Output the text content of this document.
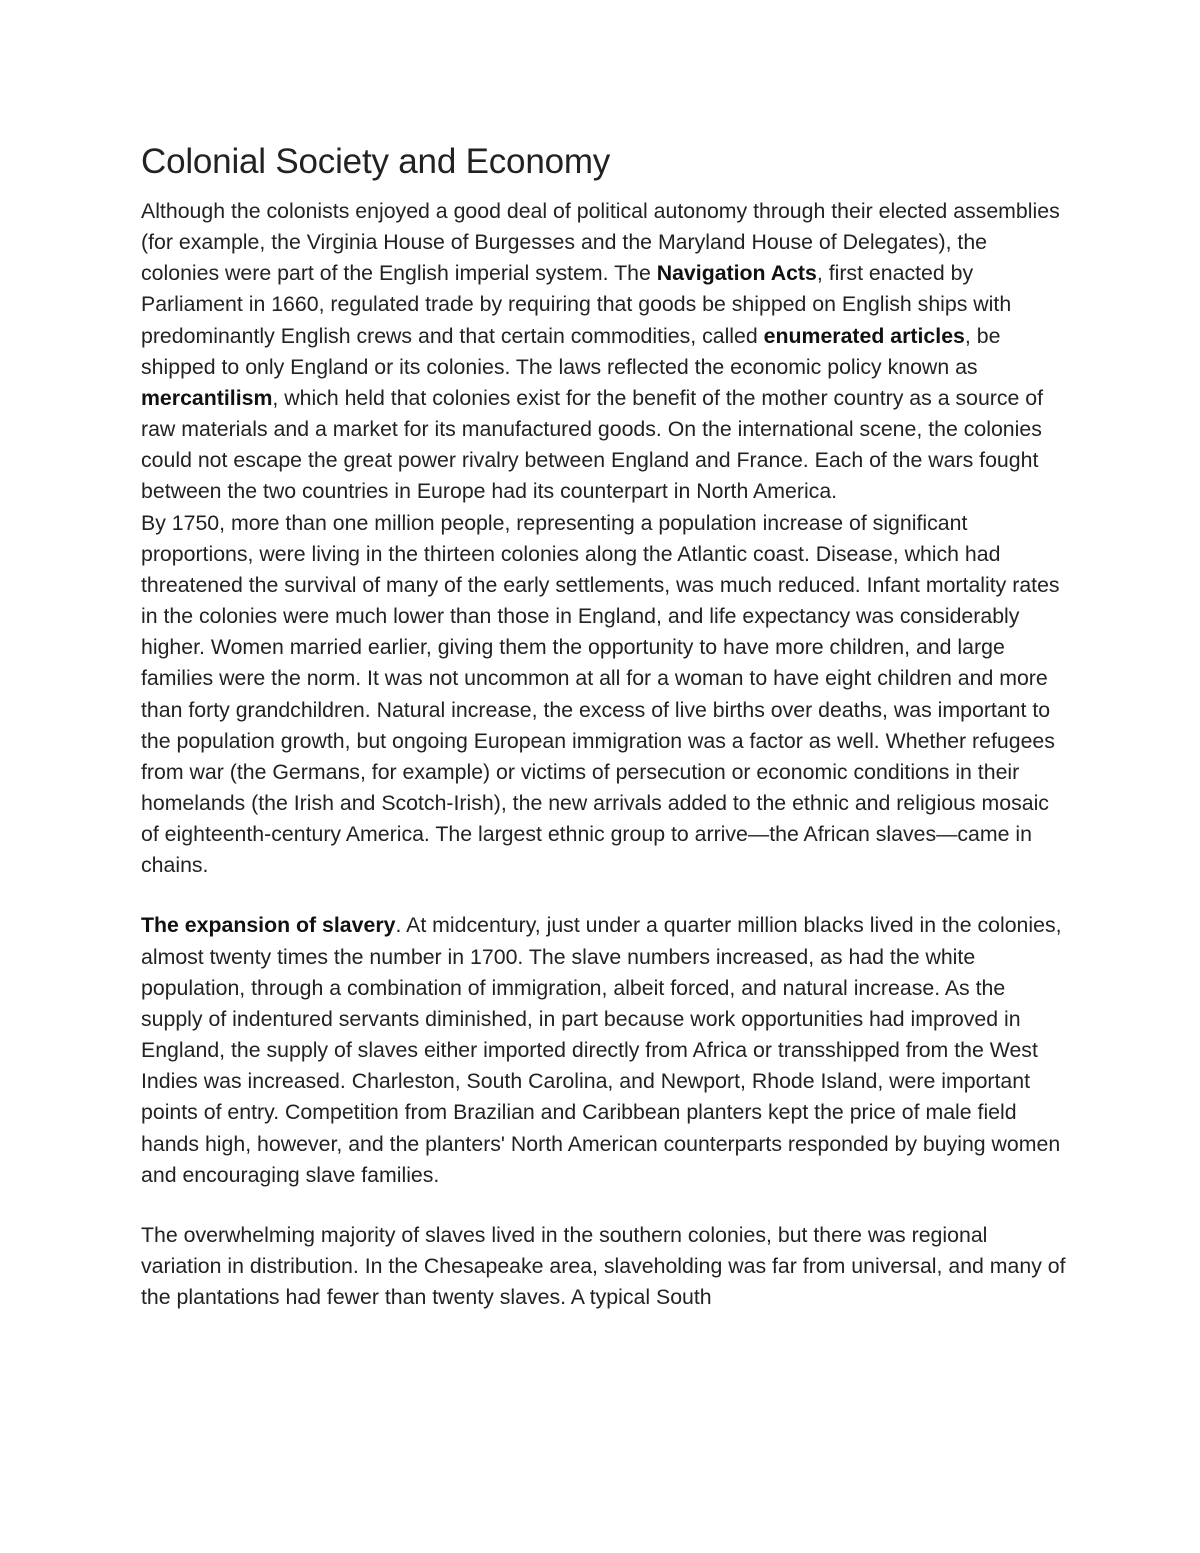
Colonial Society and Economy

Although the colonists enjoyed a good deal of political autonomy through their elected assemblies (for example, the Virginia House of Burgesses and the Maryland House of Delegates), the colonies were part of the English imperial system. The Navigation Acts, first enacted by Parliament in 1660, regulated trade by requiring that goods be shipped on English ships with predominantly English crews and that certain commodities, called enumerated articles, be shipped to only England or its colonies. The laws reflected the economic policy known as mercantilism, which held that colonies exist for the benefit of the mother country as a source of raw materials and a market for its manufactured goods. On the international scene, the colonies could not escape the great power rivalry between England and France. Each of the wars fought between the two countries in Europe had its counterpart in North America.

By 1750, more than one million people, representing a population increase of significant proportions, were living in the thirteen colonies along the Atlantic coast. Disease, which had threatened the survival of many of the early settlements, was much reduced. Infant mortality rates in the colonies were much lower than those in England, and life expectancy was considerably higher. Women married earlier, giving them the opportunity to have more children, and large families were the norm. It was not uncommon at all for a woman to have eight children and more than forty grandchildren. Natural increase, the excess of live births over deaths, was important to the population growth, but ongoing European immigration was a factor as well. Whether refugees from war (the Germans, for example) or victims of persecution or economic conditions in their homelands (the Irish and Scotch-Irish), the new arrivals added to the ethnic and religious mosaic of eighteenth-century America. The largest ethnic group to arrive—the African slaves—came in chains.

The expansion of slavery. At midcentury, just under a quarter million blacks lived in the colonies, almost twenty times the number in 1700. The slave numbers increased, as had the white population, through a combination of immigration, albeit forced, and natural increase. As the supply of indentured servants diminished, in part because work opportunities had improved in England, the supply of slaves either imported directly from Africa or transshipped from the West Indies was increased. Charleston, South Carolina, and Newport, Rhode Island, were important points of entry. Competition from Brazilian and Caribbean planters kept the price of male field hands high, however, and the planters' North American counterparts responded by buying women and encouraging slave families.

The overwhelming majority of slaves lived in the southern colonies, but there was regional variation in distribution. In the Chesapeake area, slaveholding was far from universal, and many of the plantations had fewer than twenty slaves. A typical South
